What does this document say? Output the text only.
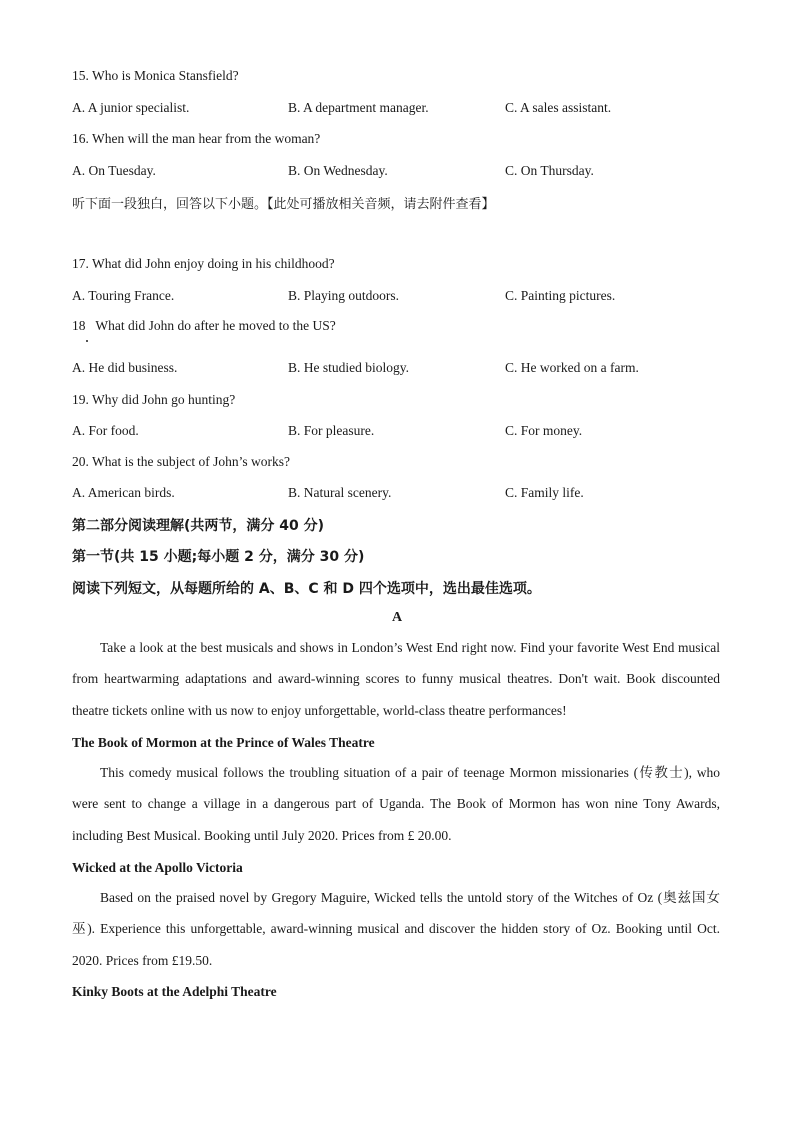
15. Who is Monica Stansfield?
A. A junior specialist.	B. A department manager.	C. A sales assistant.
16. When will the man hear from the woman?
A. On Tuesday.	B. On Wednesday.	C. On Thursday.
听下面一段独白，回答以下小题。【此处可播放相关音频，请去附件查看】
17. What did John enjoy doing in his childhood?
A. Touring France.	B. Playing outdoors.	C. Painting pictures.
18   What did John do after he moved to the US?
A. He did business.	B. He studied biology.	C. He worked on a farm.
19. Why did John go hunting?
A. For food.	B. For pleasure.	C. For money.
20. What is the subject of John’s works?
A. American birds.	B. Natural scenery.	C. Family life.
第二部分阅读理解(共两节，满分 40 分)
第一节(共 15 小题;每小题 2 分，满分 30 分)
阅读下列短文，从每题所给的 A、B、C 和 D 四个选项中，选出最佳选项。
A
Take a look at the best musicals and shows in London’s West End right now. Find your favorite West End musical from heartwarming adaptations and award-winning scores to funny musical theatres. Don't wait. Book discounted theatre tickets online with us now to enjoy unforgettable, world-class theatre performances!
The Book of Mormon at the Prince of Wales Theatre
This comedy musical follows the troubling situation of a pair of teenage Mormon missionaries (传教士), who were sent to change a village in a dangerous part of Uganda. The Book of Mormon has won nine Tony Awards, including Best Musical. Booking until July 2020. Prices from £ 20.00.
Wicked at the Apollo Victoria
Based on the praised novel by Gregory Maguire, Wicked tells the untold story of the Witches of Oz (奥兹国女巫). Experience this unforgettable, award-winning musical and discover the hidden story of Oz. Booking until Oct. 2020. Prices from £19.50.
Kinky Boots at the Adelphi Theatre
